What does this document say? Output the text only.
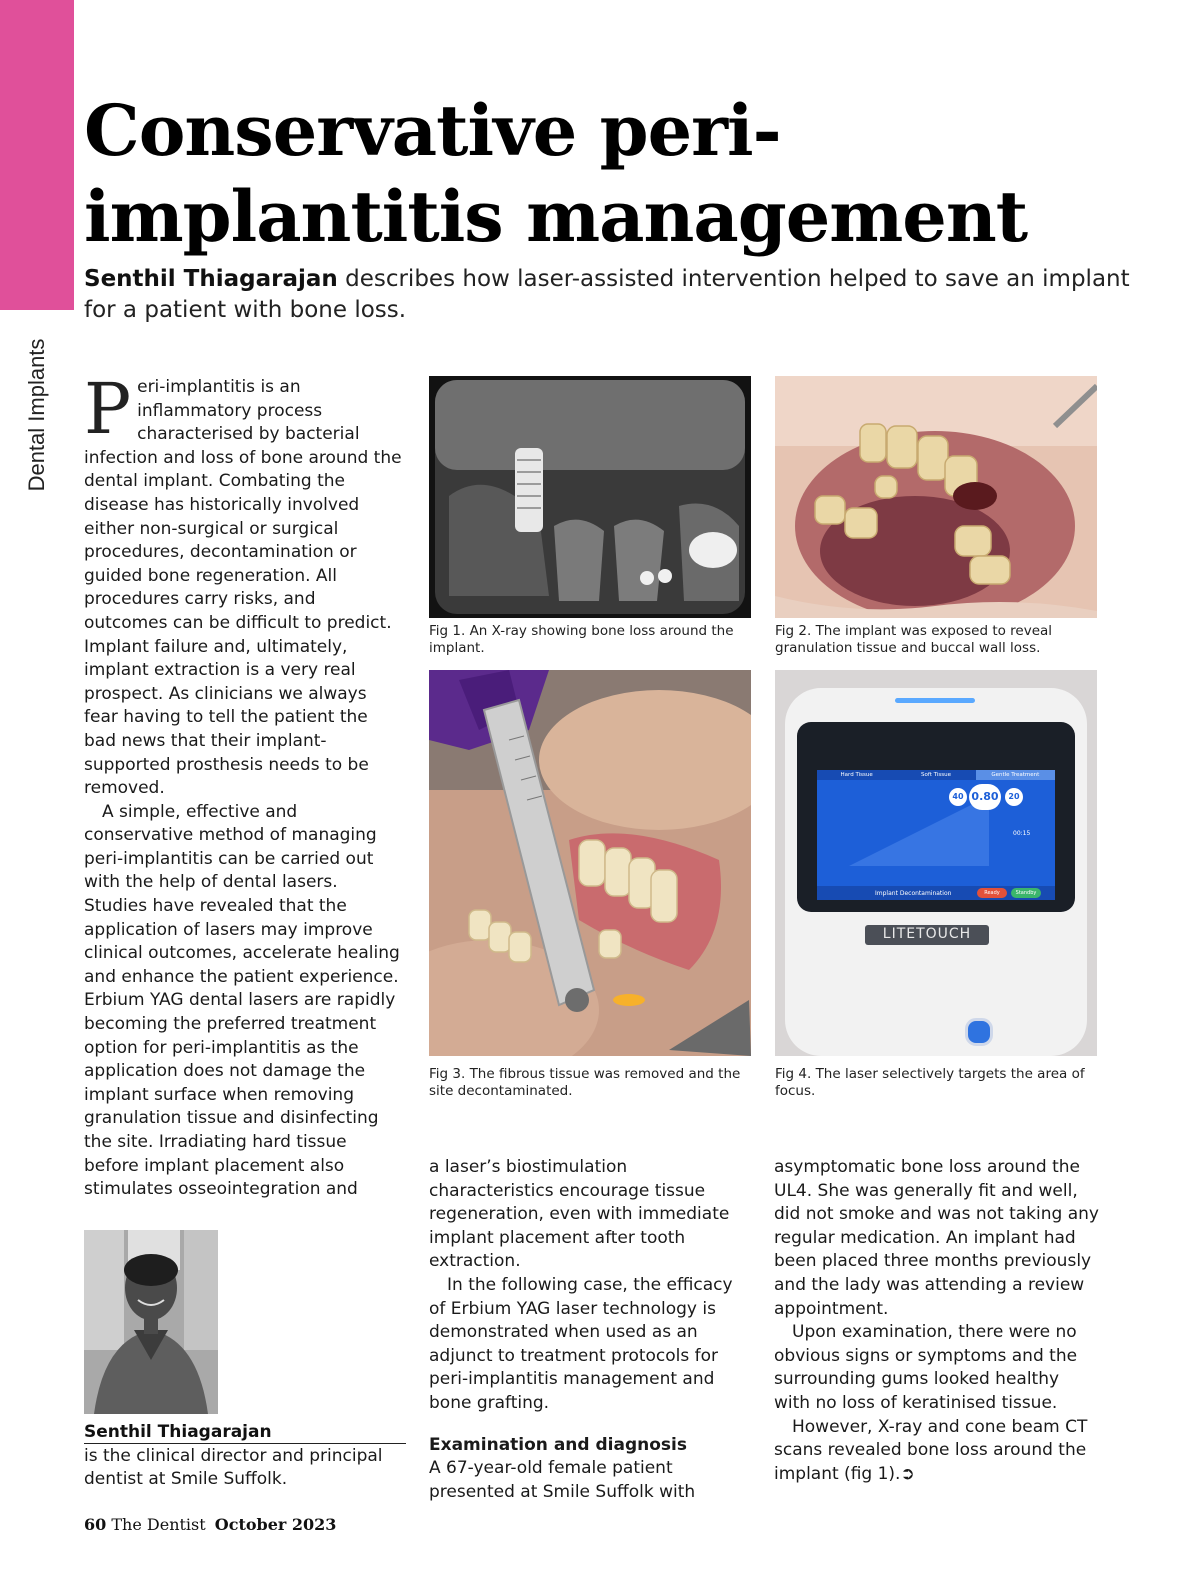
Dental Implants
Conservative peri-implantitis management

Senthil Thiagarajan describes how laser-assisted intervention helped to save an implant for a patient with bone loss.

Peri-implantitis is an inflammatory process characterised by bacterial infection and loss of bone around the dental implant. Combating the disease has historically involved either non-surgical or surgical procedures, decontamination or guided bone regeneration. All procedures carry risks, and outcomes can be difficult to predict. Implant failure and, ultimately, implant extraction is a very real prospect. As clinicians we always fear having to tell the patient the bad news that their implant-supported prosthesis needs to be removed.

A simple, effective and conservative method of managing peri-implantitis can be carried out with the help of dental lasers. Studies have revealed that the application of lasers may improve clinical outcomes, accelerate healing and enhance the patient experience. Erbium YAG dental lasers are rapidly becoming the preferred treatment option for peri-implantitis as the application does not damage the implant surface when removing granulation tissue and disinfecting the site. Irradiating hard tissue before implant placement also stimulates osseointegration and

Fig 1. An X-ray showing bone loss around the implant.
Fig 2. The implant was exposed to reveal granulation tissue and buccal wall loss.
Fig 3. The fibrous tissue was removed and the site decontaminated.
Hard Tissue	Soft Tissue	Gentle Treatment
40 0.80	20
00:15
Implant Decontamination	Ready	Standby
LITETOUCH
Fig 4. The laser selectively targets the area of focus.

a laser’s biostimulation characteristics encourage tissue regeneration, even with immediate implant placement after tooth extraction.

In the following case, the efficacy of Erbium YAG laser technology is demonstrated when used as an adjunct to treatment protocols for peri-implantitis management and bone grafting.

Examination and diagnosis

A 67-year-old female patient presented at Smile Suffolk with

asymptomatic bone loss around the UL4. She was generally fit and well, did not smoke and was not taking any regular medication. An implant had been placed three months previously and the lady was attending a review appointment.

Upon examination, there were no obvious signs or symptoms and the surrounding gums looked healthy with no loss of keratinised tissue.

However, X-ray and cone beam CT scans revealed bone loss around the implant (fig 1).➲

Senthil Thiagarajan
is the clinical director and principal dentist at Smile Suffolk.
60 The Dentist October 2023
